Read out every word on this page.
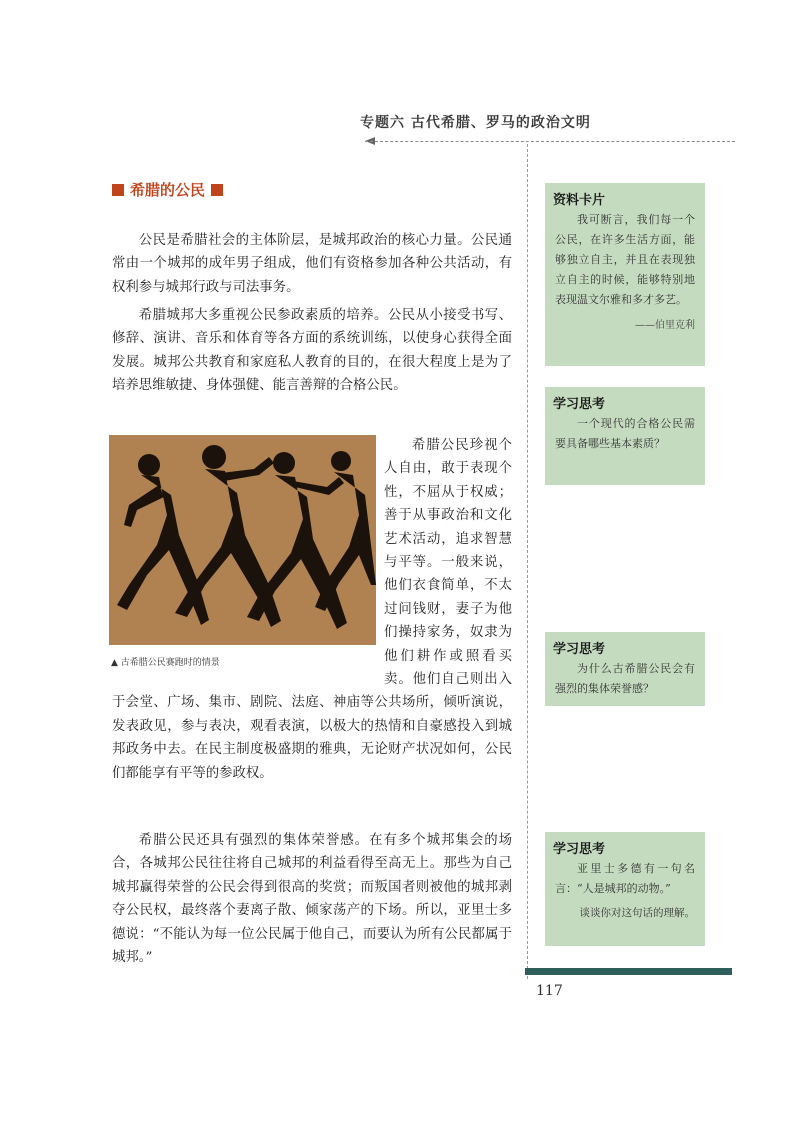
专题六 古代希腊、罗马的政治文明
希腊的公民

公民是希腊社会的主体阶层，是城邦政治的核心力量。公民通常由一个城邦的成年男子组成，他们有资格参加各种公共活动，有权利参与城邦行政与司法事务。

希腊城邦大多重视公民参政素质的培养。公民从小接受书写、修辞、演讲、音乐和体育等各方面的系统训练，以使身心获得全面发展。城邦公共教育和家庭私人教育的目的，在很大程度上是为了培养思维敏捷、身体强健、能言善辩的合格公民。

希腊公民珍视个人自由，敢于表现个性，不屈从于权威；善于从事政治和文化艺术活动，追求智慧与平等。一般来说，他们衣食简单，不太过问钱财，妻子为他们操持家务，奴隶为他们耕作或照看买卖。他们自己则出入于会堂、广场、集市、剧院、法庭、神庙等公共场所，倾听演说，发表政见，参与表决，观看表演，以极大的热情和自豪感投入到城邦政务中去。在民主制度极盛期的雅典，无论财产状况如何，公民们都能享有平等的参政权。

希腊公民还具有强烈的集体荣誉感。在有多个城邦集会的场合，各城邦公民往往将自己城邦的利益看得至高无上。那些为自己城邦赢得荣誉的公民会得到很高的奖赏；而叛国者则被他的城邦剥夺公民权，最终落个妻离子散、倾家荡产的下场。所以，亚里士多德说：“不能认为每一位公民属于他自己，而要认为所有公民都属于城邦。”

▲ 古希腊公民赛跑时的情景
资料卡片

我可断言，我们每一个公民，在许多生活方面，能够独立自主，并且在表现独立自主的时候，能够特别地表现温文尔雅和多才多艺。

——伯里克利
学习思考

一个现代的合格公民需要具备哪些基本素质？

学习思考

为什么古希腊公民会有强烈的集体荣誉感？

学习思考

亚里士多德有一句名言：“人是城邦的动物。”

谈谈你对这句话的理解。
117
